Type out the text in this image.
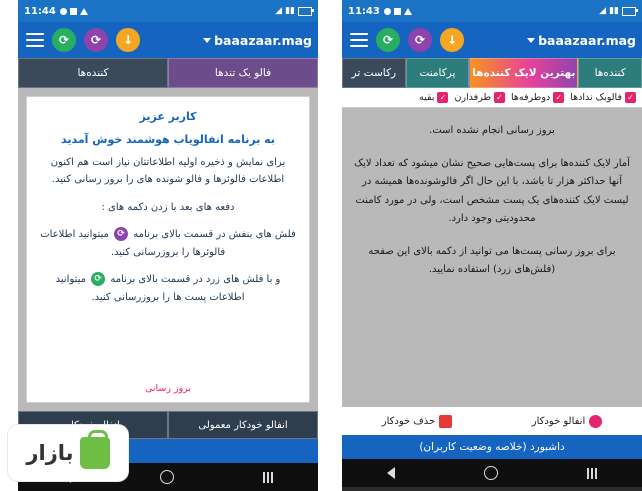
11:44	◢ ▮▮
baaazaar.mag
↓
⟳
⟳
فالو یک تندها
کننده‌ها

کاربر عزیز

به برنامه انفالویاب هوشمند خوش آمدید

برای نمایش و ذخیره اولیه اطلاعاتتان نیاز است هم اکنون اطلاعات فالوئرها و فالو شونده های را بروز رسانی کنید.

دفعه های بعد با زدن دکمه های :

فلش های بنفش در قسمت بالای برنامه ⟳ میتوانید اطلاعات فالوئرها را بروزرسانی کنید.

و با فلش های زرد در قسمت بالای برنامه ⟳ میتوانید اطلاعات پست ها را بروزرسانی کنید.

بروز رسانی
انفالو خودکار معمولی
11:43	◢ ▮▮
baaazaar.mag
↓
⟳
⟳
کننده‌ها
بهترین لایک کننده‌ها
پرکامنت
رکاست تر
✓
فالوبک ندادها
✓
دوطرفه‌ها
✓
طرفدارن
✓
بقیه

بروز رسانی انجام نشده است.

آمار لایک کننده‌ها برای پست‌هایی صحیح نشان میشود که تعداد لایک آنها حداکثر هزار تا باشد، با این حال اگر فالوشونده‌ها همیشه در لیست لایک کننده‌های یک پست مشخص است، ولی در مورد کامنت محدودیتی وجود دارد.

برای بروز رسانی پست‌ها می توانید از دکمه بالای این صفحه (فلش‌های زرد) استفاده نمایید.

انفالو خودکار
حذف خودکار
داشبورد (خلاصه وضعیت کاربران)
بازار
